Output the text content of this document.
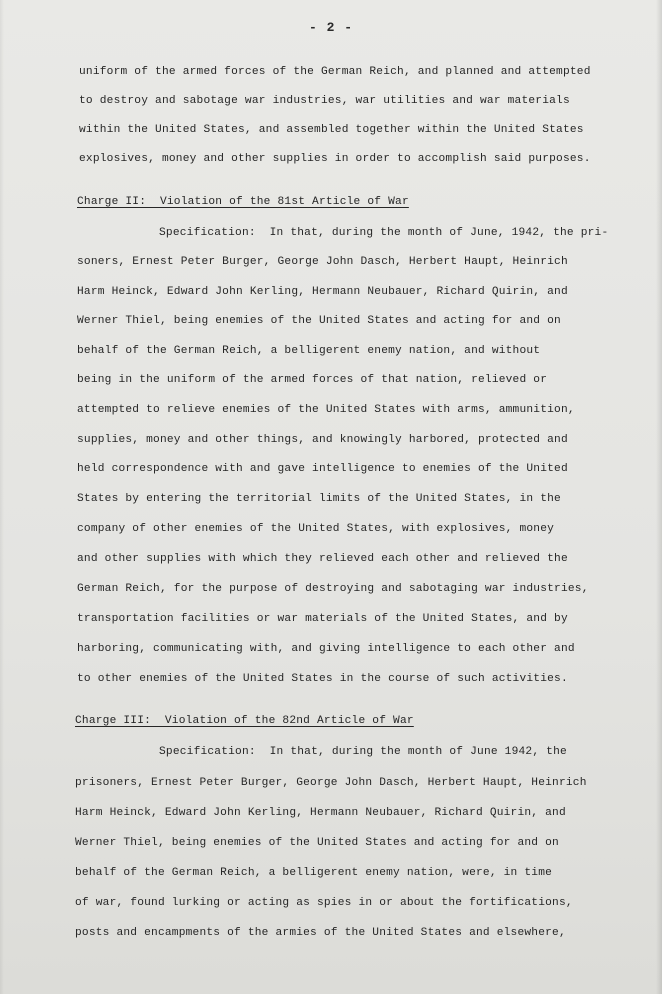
- 2 -
uniform of the armed forces of the German Reich, and planned and attempted
to destroy and sabotage war industries, war utilities and war materials
within the United States, and assembled together within the United States
explosives, money and other supplies in order to accomplish said purposes.
Charge II:  Violation of the 81st Article of War
Specification:  In that, during the month of June, 1942, the pri-
soners, Ernest Peter Burger, George John Dasch, Herbert Haupt, Heinrich
Harm Heinck, Edward John Kerling, Hermann Neubauer, Richard Quirin, and
Werner Thiel, being enemies of the United States and acting for and on
behalf of the German Reich, a belligerent enemy nation, and without
being in the uniform of the armed forces of that nation, relieved or
attempted to relieve enemies of the United States with arms, ammunition,
supplies, money and other things, and knowingly harbored, protected and
held correspondence with and gave intelligence to enemies of the United
States by entering the territorial limits of the United States, in the
company of other enemies of the United States, with explosives, money
and other supplies with which they relieved each other and relieved the
German Reich, for the purpose of destroying and sabotaging war industries,
transportation facilities or war materials of the United States, and by
harboring, communicating with, and giving intelligence to each other and
to other enemies of the United States in the course of such activities.
Charge III:  Violation of the 82nd Article of War
Specification:  In that, during the month of June 1942, the
prisoners, Ernest Peter Burger, George John Dasch, Herbert Haupt, Heinrich
Harm Heinck, Edward John Kerling, Hermann Neubauer, Richard Quirin, and
Werner Thiel, being enemies of the United States and acting for and on
behalf of the German Reich, a belligerent enemy nation, were, in time
of war, found lurking or acting as spies in or about the fortifications,
posts and encampments of the armies of the United States and elsewhere,
